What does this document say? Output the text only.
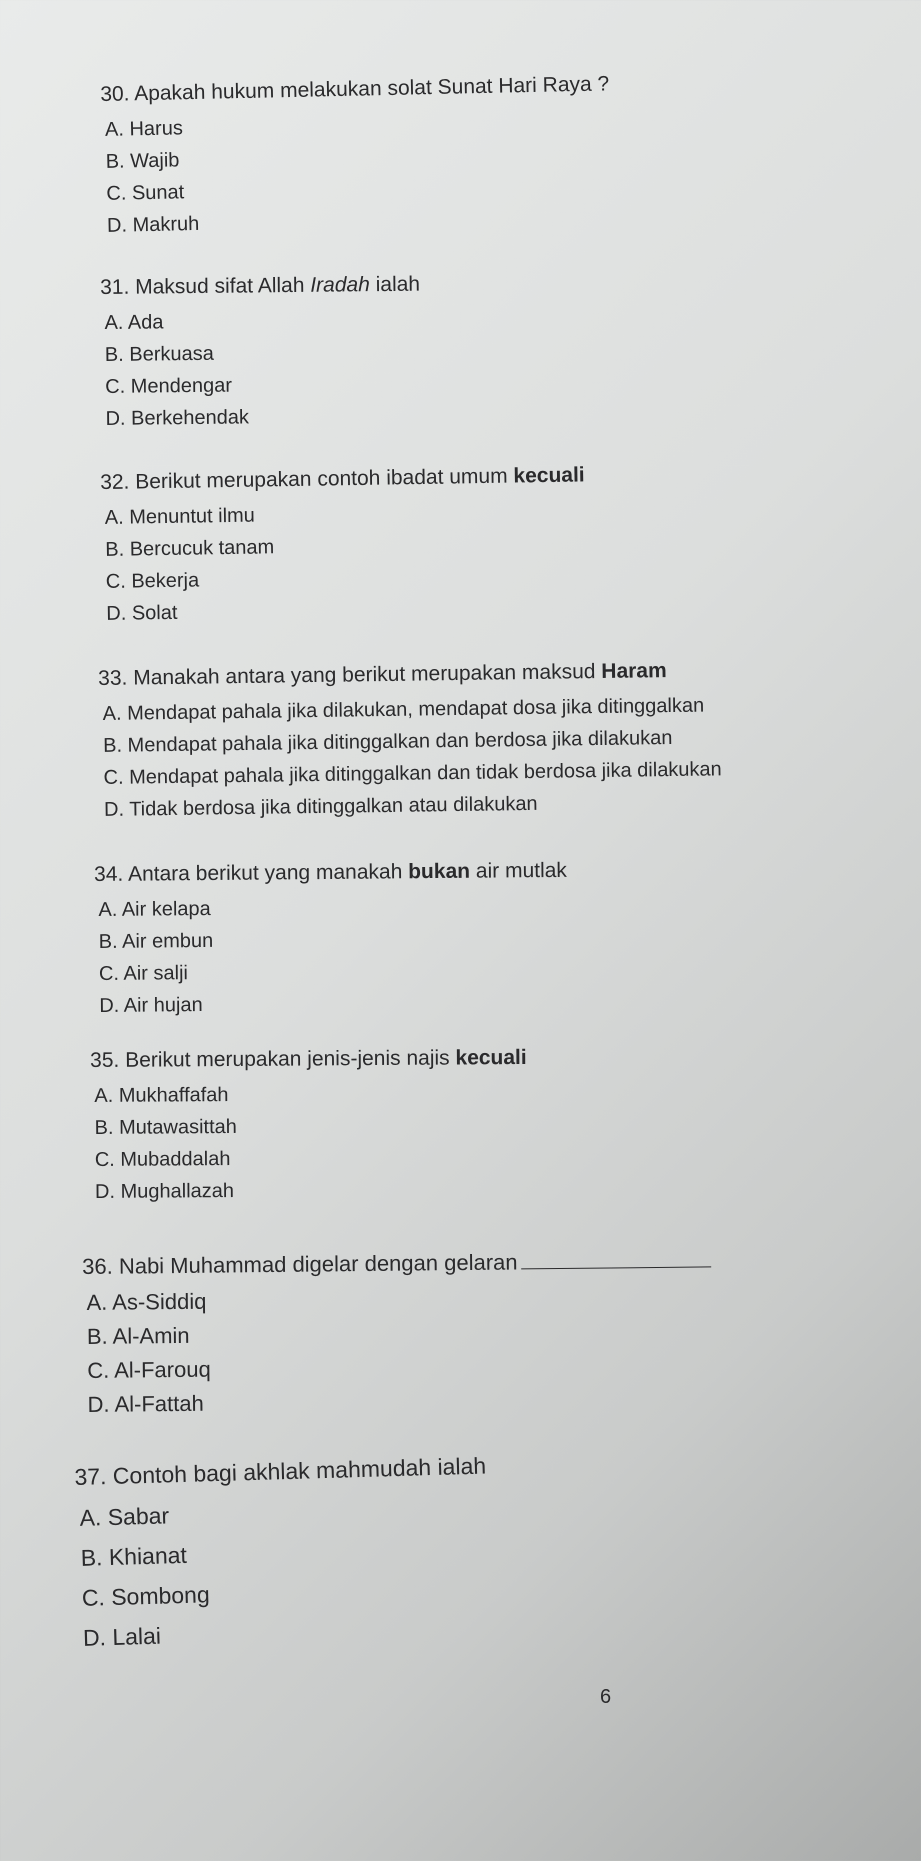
30. Apakah hukum melakukan solat Sunat Hari Raya ?
A. Harus
B. Wajib
C. Sunat
D. Makruh
31. Maksud sifat Allah Iradah ialah
A. Ada
B. Berkuasa
C. Mendengar
D. Berkehendak
32. Berikut merupakan contoh ibadat umum kecuali
A. Menuntut ilmu
B. Bercucuk tanam
C. Bekerja
D. Solat
33. Manakah antara yang berikut merupakan maksud Haram
A. Mendapat pahala jika dilakukan, mendapat dosa jika ditinggalkan
B. Mendapat pahala jika ditinggalkan dan berdosa jika dilakukan
C. Mendapat pahala jika ditinggalkan dan tidak berdosa jika dilakukan
D. Tidak berdosa jika ditinggalkan atau dilakukan
34. Antara berikut yang manakah bukan air mutlak
A. Air kelapa
B. Air embun
C. Air salji
D. Air hujan
35. Berikut merupakan jenis-jenis najis kecuali
A. Mukhaffafah
B. Mutawasittah
C. Mubaddalah
D. Mughallazah
36. Nabi Muhammad digelar dengan gelaran
A. As-Siddiq
B. Al-Amin
C. Al-Farouq
D. Al-Fattah
37. Contoh bagi akhlak mahmudah ialah
A. Sabar
B. Khianat
C. Sombong
D. Lalai
6
